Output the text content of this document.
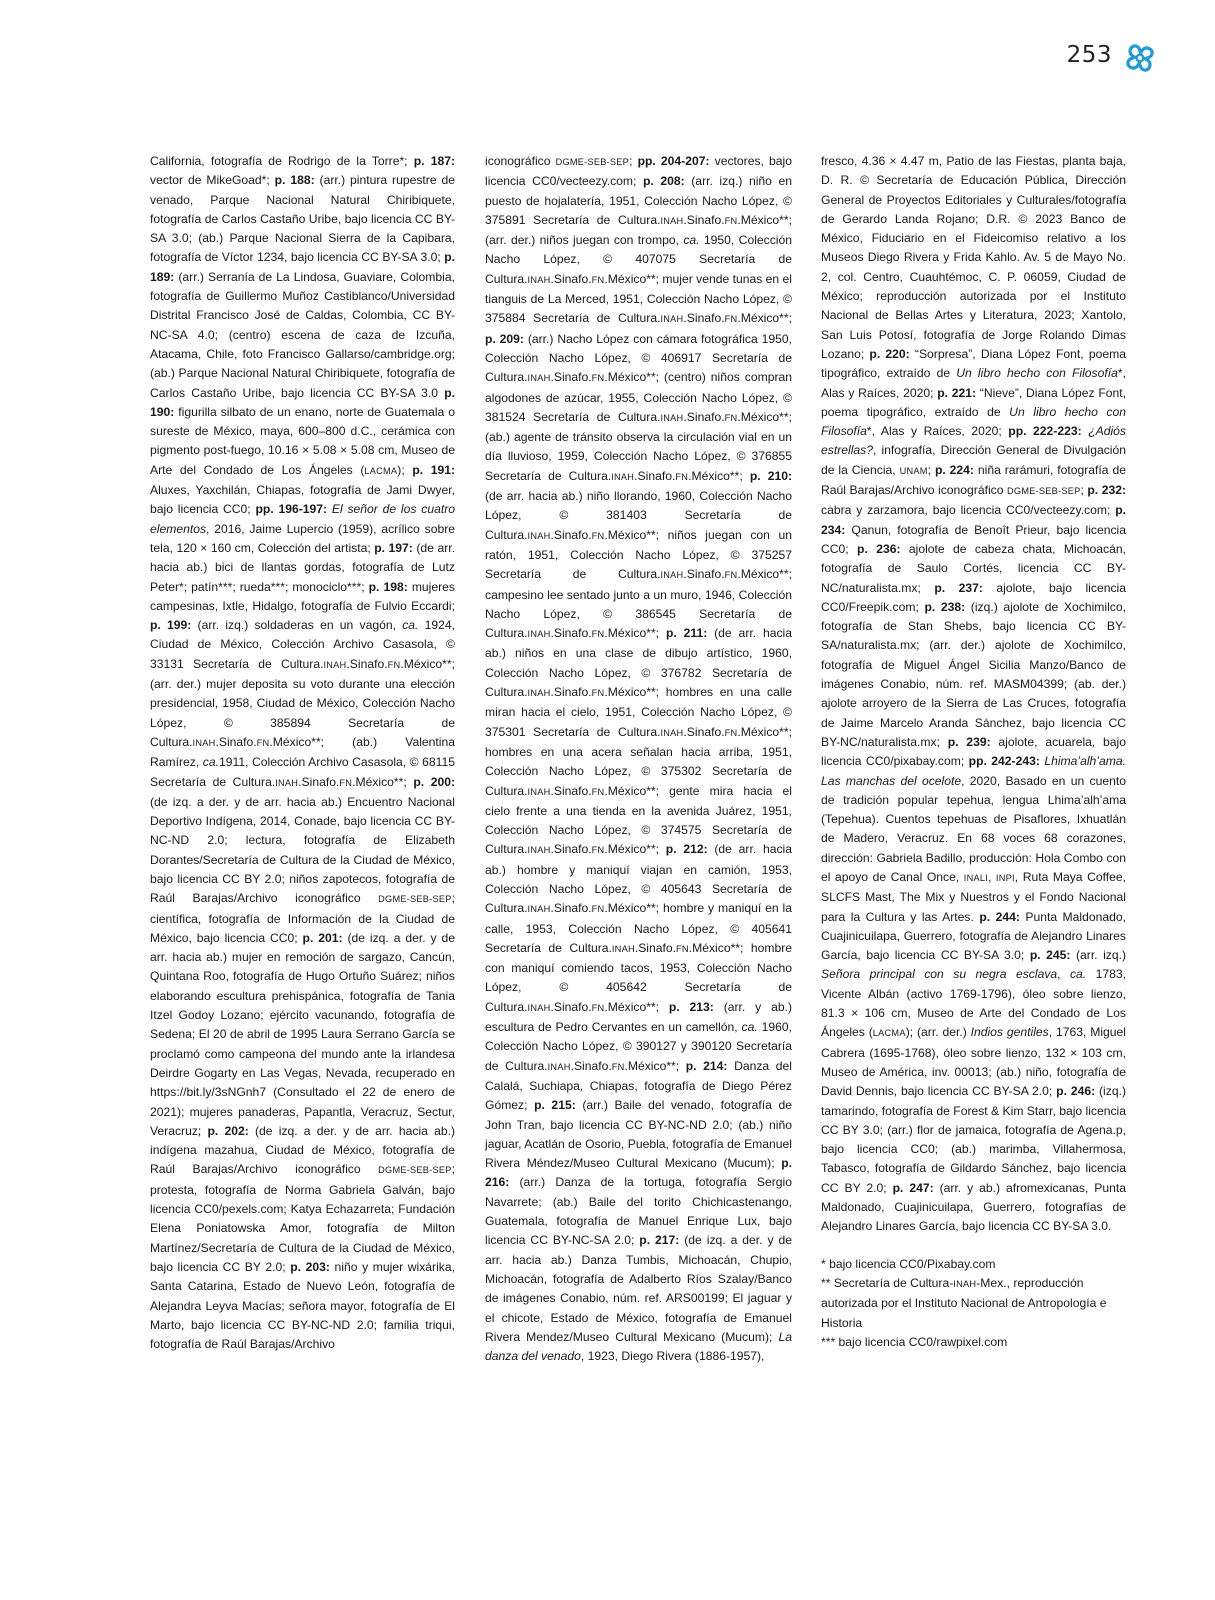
253

California, fotografía de Rodrigo de la Torre*; p. 187: vector de MikeGoad*; p. 188: (arr.) pintura rupestre de venado, Parque Nacional Natural Chiribiquete, fotografía de Carlos Castaño Uribe, bajo licencia CC BY-SA 3.0; (ab.) Parque Nacional Sierra de la Capibara, fotografía de Víctor 1234, bajo licencia CC BY-SA 3.0; p. 189: (arr.) Serranía de La Lindosa, Guaviare, Colombia, fotografía de Guillermo Muñoz Castiblanco/Universidad Distrital Francisco José de Caldas, Colombia, CC BY-NC-SA 4.0; (centro) escena de caza de Izcuña, Atacama, Chile, foto Francisco Gallarso/cambridge.org; (ab.) Parque Nacional Natural Chiribiquete, fotografía de Carlos Castaño Uribe, bajo licencia CC BY-SA 3.0 p. 190: figurilla silbato de un enano, norte de Guatemala o sureste de México, maya, 600–800 d.C., cerámica con pigmento post-fuego, 10.16 × 5.08 × 5.08 cm, Museo de Arte del Condado de Los Ángeles (LACMA); p. 191: Aluxes, Yaxchilán, Chiapas, fotografía de Jami Dwyer, bajo licencia CC0; pp. 196-197: El señor de los cuatro elementos, 2016, Jaime Lupercio (1959), acrílico sobre tela, 120 × 160 cm, Colección del artista; p. 197: (de arr. hacia ab.) bici de llantas gordas, fotografía de Lutz Peter*; patín***; rueda***; monociclo***; p. 198: mujeres campesinas, Ixtle, Hidalgo, fotografía de Fulvio Eccardi; p. 199: (arr. izq.) soldaderas en un vagón, ca. 1924, Ciudad de México, Colección Archivo Casasola, © 33131 Secretaría de Cultura.INAH.Sinafo.FN.México**; (arr. der.) mujer deposita su voto durante una elección presidencial, 1958, Ciudad de México, Colección Nacho López, © 385894 Secretaría de Cultura.INAH.Sinafo.FN.México**; (ab.) Valentina Ramírez, ca.1911, Colección Archivo Casasola, © 68115 Secretaría de Cultura.INAH.Sinafo.FN.México**; p. 200: (de izq. a der. y de arr. hacia ab.) Encuentro Nacional Deportivo Indígena, 2014, Conade, bajo licencia CC BY-NC-ND 2.0; lectura, fotografía de Elizabeth Dorantes/Secretaría de Cultura de la Ciudad de México, bajo licencia CC BY 2.0; niños zapotecos, fotografía de Raúl Barajas/Archivo iconográfico DGME-SEB-SEP; científica, fotografía de Información de la Ciudad de México, bajo licencia CC0; p. 201: (de izq. a der. y de arr. hacia ab.) mujer en remoción de sargazo, Cancún, Quintana Roo, fotografía de Hugo Ortuño Suárez; niños elaborando escultura prehispánica, fotografía de Tania Itzel Godoy Lozano; ejército vacunando, fotografía de Sedena; El 20 de abril de 1995 Laura Serrano García se proclamó como campeona del mundo ante la irlandesa Deirdre Gogarty en Las Vegas, Nevada, recuperado en https://bit.ly/3sNGnh7 (Consultado el 22 de enero de 2021); mujeres panaderas, Papantla, Veracruz, Sectur, Veracruz; p. 202: (de izq. a der. y de arr. hacia ab.) indígena mazahua, Ciudad de México, fotografía de Raúl Barajas/Archivo iconográfico DGME-SEB-SEP; protesta, fotografía de Norma Gabriela Galván, bajo licencia CC0/pexels.com; Katya Echazarreta; Fundación Elena Poniatowska Amor, fotografía de Milton Martínez/Secretaría de Cultura de la Ciudad de México, bajo licencia CC BY 2.0; p. 203: niño y mujer wixárika, Santa Catarina, Estado de Nuevo León, fotografía de Alejandra Leyva Macías; señora mayor, fotografía de El Marto, bajo licencia CC BY-NC-ND 2.0; familia triqui, fotografía de Raúl Barajas/Archivo

iconográfico DGME-SEB-SEP; pp. 204-207: vectores, bajo licencia CC0/vecteezy.com; p. 208: (arr. izq.) niño en puesto de hojalatería, 1951, Colección Nacho López, © 375891 Secretaría de Cultura.INAH.Sinafo.FN.México**; (arr. der.) niños juegan con trompo, ca. 1950, Colección Nacho López, © 407075 Secretaría de Cultura.INAH.Sinafo.FN.México**; mujer vende tunas en el tianguis de La Merced, 1951, Colección Nacho López, © 375884 Secretaría de Cultura.INAH.Sinafo.FN.México**; p. 209: (arr.) Nacho López con cámara fotográfica 1950, Colección Nacho López, © 406917 Secretaría de Cultura.INAH.Sinafo.FN.México**; (centro) niños compran algodones de azúcar, 1955, Colección Nacho López, © 381524 Secretaría de Cultura.INAH.Sinafo.FN.México**; (ab.) agente de tránsito observa la circulación vial en un día lluvioso, 1959, Colección Nacho López, © 376855 Secretaría de Cultura.INAH.Sinafo.FN.México**; p. 210: (de arr. hacia ab.) niño llorando, 1960, Colección Nacho López, © 381403 Secretaría de Cultura.INAH.Sinafo.FN.México**; niños juegan con un ratón, 1951, Colección Nacho López, © 375257 Secretaría de Cultura.INAH.Sinafo.FN.México**; campesino lee sentado junto a un muro, 1946, Colección Nacho López, © 386545 Secretaría de Cultura.INAH.Sinafo.FN.México**; p. 211: (de arr. hacia ab.) niños en una clase de dibujo artístico, 1960, Colección Nacho López, © 376782 Secretaría de Cultura.INAH.Sinafo.FN.México**; hombres en una calle miran hacia el cielo, 1951, Colección Nacho López, © 375301 Secretaría de Cultura.INAH.Sinafo.FN.México**; hombres en una acera señalan hacia arriba, 1951, Colección Nacho López, © 375302 Secretaría de Cultura.INAH.Sinafo.FN.México**; gente mira hacia el cielo frente a una tienda en la avenida Juárez, 1951, Colección Nacho López, © 374575 Secretaría de Cultura.INAH.Sinafo.FN.México**; p. 212: (de arr. hacia ab.) hombre y maniquí viajan en camión, 1953, Colección Nacho López, © 405643 Secretaría de Cultura.INAH.Sinafo.FN.México**; hombre y maniquí en la calle, 1953, Colección Nacho López, © 405641 Secretaría de Cultura.INAH.Sinafo.FN.México**; hombre con maniquí comiendo tacos, 1953, Colección Nacho López, © 405642 Secretaría de Cultura.INAH.Sinafo.FN.México**; p. 213: (arr. y ab.) escultura de Pedro Cervantes en un camellón, ca. 1960, Colección Nacho López, © 390127 y 390120 Secretaría de Cultura.INAH.Sinafo.FN.México**; p. 214: Danza del Calalá, Suchiapa, Chiapas, fotografía de Diego Pérez Gómez; p. 215: (arr.) Baile del venado, fotografía de John Tran, bajo licencia CC BY-NC-ND 2.0; (ab.) niño jaguar, Acatlán de Osorio, Puebla, fotografía de Emanuel Rivera Méndez/Museo Cultural Mexicano (Mucum); p. 216: (arr.) Danza de la tortuga, fotografía Sergio Navarrete; (ab.) Baile del torito Chichicastenango, Guatemala, fotografía de Manuel Enrique Lux, bajo licencia CC BY-NC-SA 2.0; p. 217: (de izq. a der. y de arr. hacia ab.) Danza Tumbis, Michoacán, Chupio, Michoacán, fotografía de Adalberto Ríos Szalay/Banco de imágenes Conabio, núm. ref. ARS00199; El jaguar y el chicote, Estado de México, fotografía de Emanuel Rivera Mendez/Museo Cultural Mexicano (Mucum); La danza del venado, 1923, Diego Rivera (1886-1957),

fresco, 4.36 × 4.47 m, Patio de las Fiestas, planta baja, D. R. © Secretaría de Educación Pública, Dirección General de Proyectos Editoriales y Culturales/fotografía de Gerardo Landa Rojano; D.R. © 2023 Banco de México, Fiduciario en el Fideicomiso relativo a los Museos Diego Rivera y Frida Kahlo. Av. 5 de Mayo No. 2, col. Centro, Cuauhtémoc, C. P. 06059, Ciudad de México; reproducción autorizada por el Instituto Nacional de Bellas Artes y Literatura, 2023; Xantolo, San Luis Potosí, fotografía de Jorge Rolando Dimas Lozano; p. 220: “Sorpresa”, Diana López Font, poema tipográfico, extraído de Un libro hecho con Filosofía*, Alas y Raíces, 2020; p. 221: “Nieve”, Diana López Font, poema tipográfico, extraído de Un libro hecho con Filosofía*, Alas y Raíces, 2020; pp. 222-223: ¿Adiós estrellas?, infografía, Dirección General de Divulgación de la Ciencia, UNAM; p. 224: niña rarámuri, fotografía de Raúl Barajas/Archivo iconográfico DGME-SEB-SEP; p. 232: cabra y zarzamora, bajo licencia CC0/vecteezy.com; p. 234: Qanun, fotografía de Benoît Prieur, bajo licencia CC0; p. 236: ajolote de cabeza chata, Michoacán, fotografía de Saulo Cortés, licencia CC BY-NC/naturalista.mx; p. 237: ajolote, bajo licencia CC0/Freepik.com; p. 238: (izq.) ajolote de Xochimilco, fotografía de Stan Shebs, bajo licencia CC BY-SA/naturalista.mx; (arr. der.) ajolote de Xochimilco, fotografía de Miguel Ángel Sicilia Manzo/Banco de imágenes Conabio, núm. ref. MASM04399; (ab. der.) ajolote arroyero de la Sierra de Las Cruces, fotografía de Jaime Marcelo Aranda Sánchez, bajo licencia CC BY-NC/naturalista.mx; p. 239: ajolote, acuarela, bajo licencia CC0/pixabay.com; pp. 242-243: Lhima’alh’ama. Las manchas del ocelote, 2020, Basado en un cuento de tradición popular tepehua, lengua Lhima’alh’ama (Tepehua). Cuentos tepehuas de Pisaflores, Ixhuatlán de Madero, Veracruz. En 68 voces 68 corazones, dirección: Gabriela Badillo, producción: Hola Combo con el apoyo de Canal Once, INALI, INPI, Ruta Maya Coffee, SLCFS Mast, The Mix y Nuestros y el Fondo Nacional para la Cultura y las Artes. p. 244: Punta Maldonado, Cuajinicuilapa, Guerrero, fotografía de Alejandro Linares García, bajo licencia CC BY-SA 3.0; p. 245: (arr. izq.) Señora principal con su negra esclava, ca. 1783, Vicente Albán (activo 1769-1796), óleo sobre lienzo, 81.3 × 106 cm, Museo de Arte del Condado de Los Ángeles (LACMA); (arr. der.) Indios gentiles, 1763, Miguel Cabrera (1695-1768), óleo sobre lienzo, 132 × 103 cm, Museo de América, inv. 00013; (ab.) niño, fotografía de David Dennis, bajo licencia CC BY-SA 2.0; p. 246: (izq.) tamarindo, fotografía de Forest & Kim Starr, bajo licencia CC BY 3.0; (arr.) flor de jamaica, fotografía de Agena.p, bajo licencia CC0; (ab.) marimba, Villahermosa, Tabasco, fotografía de Gildardo Sánchez, bajo licencia CC BY 2.0; p. 247: (arr. y ab.) afromexicanas, Punta Maldonado, Cuajinicuilapa, Guerrero, fotografías de Alejandro Linares García, bajo licencia CC BY-SA 3.0.

* bajo licencia CC0/Pixabay.com

** Secretaría de Cultura-INAH-Mex., reproducción autorizada por el Instituto Nacional de Antropología e Historia

*** bajo licencia CC0/rawpixel.com
